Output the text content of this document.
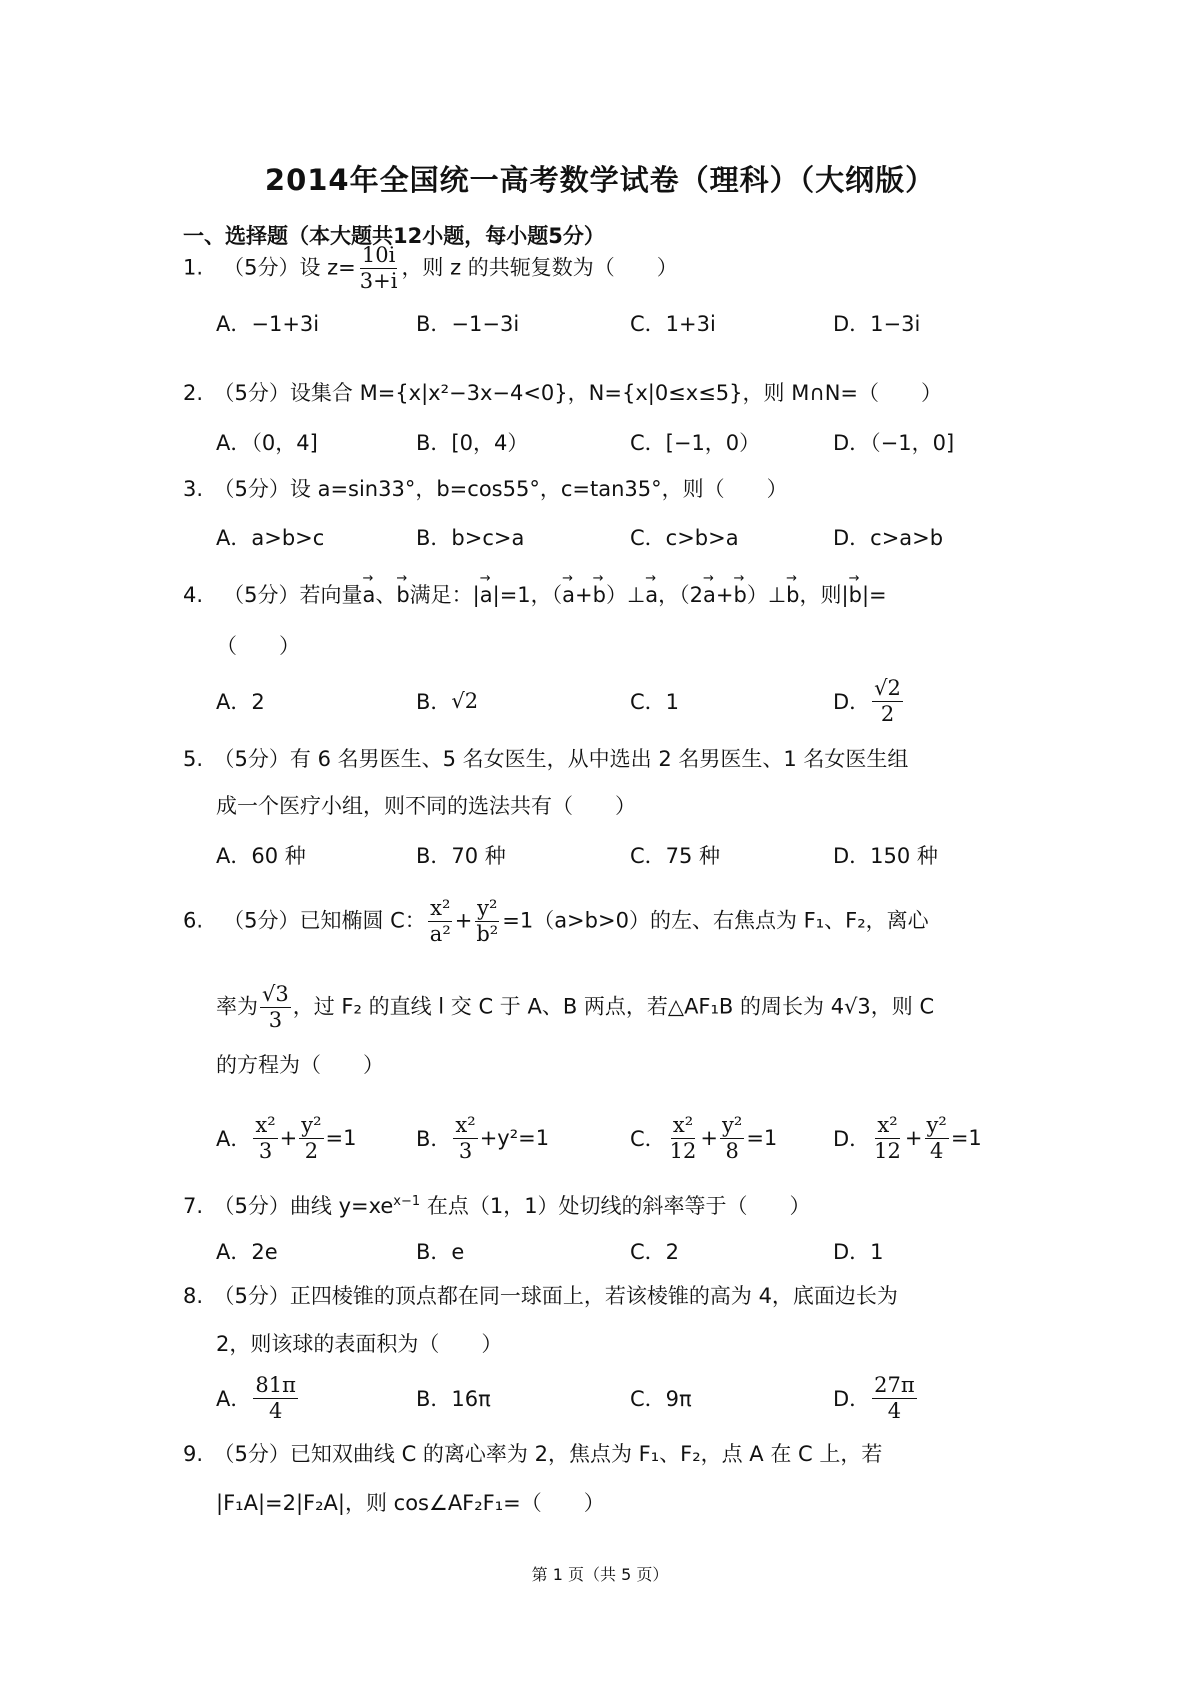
2014年全国统一高考数学试卷（理科）（大纲版）
一、选择题（本大题共12小题，每小题5分）
1. （5分）设 $z= \frac{10i}{3+i}$ ，则 z 的共轭复数为（　　）
A．−1+3i	B．−1−3i	C．1+3i	D．1−3i
2.　（5分）设集合 M={x|x²−3x−4<0}，N={x|0≤x≤5}，则 M∩N=（　　）
A．（0，4]	B．[0，4）	C．[−1，0）	D．（−1，0]
3.　（5分）设 a=sin33°，b=cos55°，c=tan35°，则（　　）
A．a>b>c	B．b>c>a	C．c>b>a	D．c>a>b
4. （5分）若向量→ a、→ b满足：|→ a|=1，（→ a+→ b）⊥→ a，（2→ a+→ b）⊥→ b，则|→ b|=
（　　）
A．2	B． √2	C．1	D． $\frac{√2}{2}$
5.　（5分）有 6 名男医生、5 名女医生，从中选出 2 名男医生、1 名女医生组
成一个医疗小组，则不同的选法共有（　　）
A．60 种	B．70 种	C．75 种	D．150 种
6. （5分）已知椭圆 C： $\frac{\text{x²}}{\text{a²}} + \frac{\text{y²}}{\text{b²}} =1(a>b>0)$的左、右焦点为 F₁、F₂，离心
率为 $\frac{√3}{3}$ ，过 F₂ 的直线 l 交 C 于 A、B 两点，若△AF₁B 的周长为 4√3，则 C
的方程为（　　）
A． $\frac{\text{x²}}{3} + \frac{\text{y²}}{2} =1$	B． $\frac{\text{x²}}{3} +y^2=1$	C． $\frac{\text{x²}}{12} + \frac{\text{y²}}{8} =1$	D． $\frac{\text{x²}}{12} + \frac{\text{y²}}{4} =1$
7.　（5分）曲线 $y=xe^{x-1}$ 在点（1，1）处切线的斜率等于（　　）
A．2e	B．e	C．2	D．1
8.　（5分）正四棱锥的顶点都在同一球面上，若该棱锥的高为 4，底面边长为
2，则该球的表面积为（　　）
A． $\frac{81\pi}{4}$	B．16π	C．9π	D． $\frac{27\pi}{4}$
9.　（5分）已知双曲线 C 的离心率为 2，焦点为 F₁、F₂，点 A 在 C 上，若
|F₁A|=2|F₂A|，则 cos∠AF₂F₁=（　　）
第 1 页（共 5 页）
